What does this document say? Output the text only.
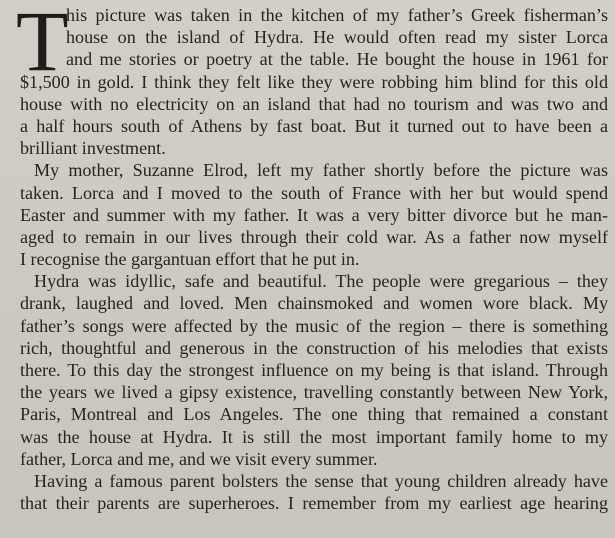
T
his picture was taken in the kitchen of my father’s Greek fisherman’s
house on the island of Hydra. He would often read my sister Lorca
and me stories or poetry at the table. He bought the house in 1961 for
$1,500 in gold. I think they felt like they were robbing him blind for this old
house with no electricity on an island that had no tourism and was two and
a half hours south of Athens by fast boat. But it turned out to have been a
brilliant investment.
My mother, Suzanne Elrod, left my father shortly before the picture was
taken. Lorca and I moved to the south of France with her but would spend
Easter and summer with my father. It was a very bitter divorce but he man-
aged to remain in our lives through their cold war. As a father now myself
I recognise the gargantuan effort that he put in.
Hydra was idyllic, safe and beautiful. The people were gregarious – they
drank, laughed and loved. Men chainsmoked and women wore black. My
father’s songs were affected by the music of the region – there is something
rich, thoughtful and generous in the construction of his melodies that exists
there. To this day the strongest influence on my being is that island. Through
the years we lived a gipsy existence, travelling constantly between New York,
Paris, Montreal and Los Angeles. The one thing that remained a constant
was the house at Hydra. It is still the most important family home to my
father, Lorca and me, and we visit every summer.
Having a famous parent bolsters the sense that young children already have
that their parents are superheroes. I remember from my earliest age hearing
